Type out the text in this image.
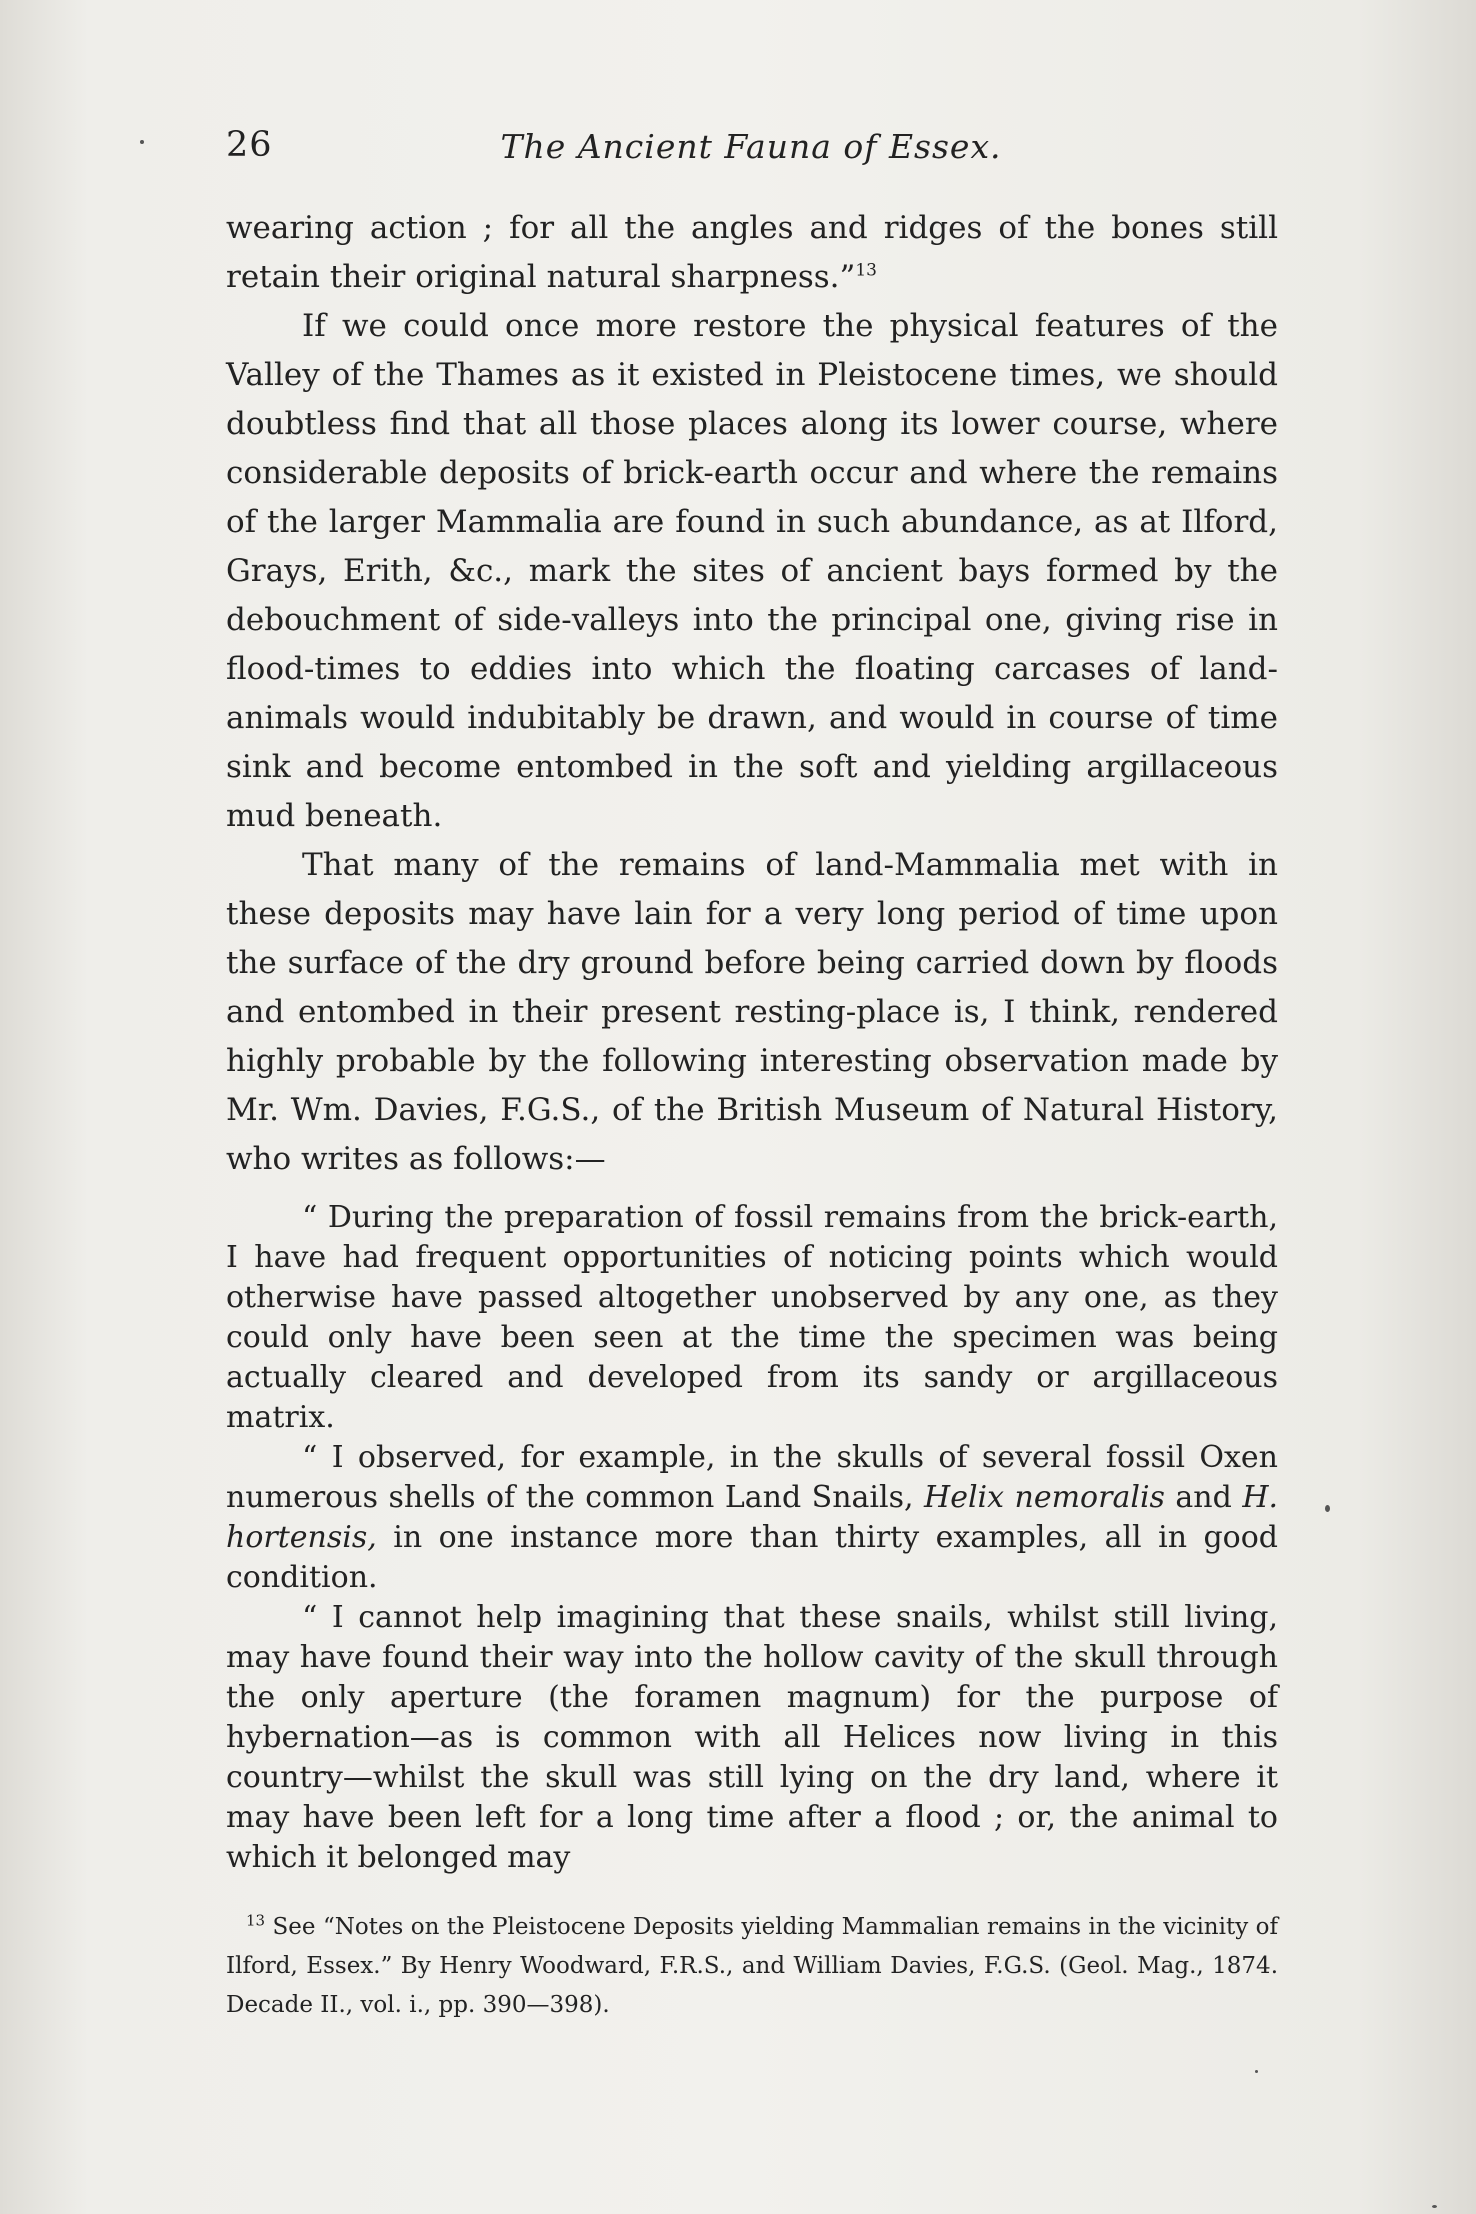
26	The Ancient Fauna of Essex.

wearing action ; for all the angles and ridges of the bones still retain their original natural sharpness.”$^{13}$

If we could once more restore the physical features of the Valley of the Thames as it existed in Pleistocene times, we should doubtless find that all those places along its lower course, where considerable deposits of brick-earth occur and where the remains of the larger Mammalia are found in such abundance, as at Ilford, Grays, Erith, &c., mark the sites of ancient bays formed by the debouchment of side-valleys into the principal one, giving rise in flood-times to eddies into which the floating carcases of land-animals would indubitably be drawn, and would in course of time sink and become entombed in the soft and yielding argillaceous mud beneath.

That many of the remains of land-Mammalia met with in these deposits may have lain for a very long period of time upon the surface of the dry ground before being carried down by floods and entombed in their present resting-place is, I think, rendered highly probable by the following interesting observation made by Mr. Wm. Davies, F.G.S., of the British Museum of Natural History, who writes as follows:—

“ During the preparation of fossil remains from the brick-earth, I have had frequent opportunities of noticing points which would otherwise have passed altogether unobserved by any one, as they could only have been seen at the time the specimen was being actually cleared and developed from its sandy or argillaceous matrix.

“ I observed, for example, in the skulls of several fossil Oxen numerous shells of the common Land Snails, Helix nemoralis and H. hortensis, in one instance more than thirty examples, all in good condition.

“ I cannot help imagining that these snails, whilst still living, may have found their way into the hollow cavity of the skull through the only aperture (the foramen magnum) for the purpose of hybernation—as is common with all Helices now living in this country—whilst the skull was still lying on the dry land, where it may have been left for a long time after a flood ; or, the animal to which it belonged may

$^{13}$ See “Notes on the Pleistocene Deposits yielding Mammalian remains in the vicinity of Ilford, Essex.” By Henry Woodward, F.R.S., and William Davies, F.G.S. (Geol. Mag., 1874. Decade II., vol. i., pp. 390—398).
